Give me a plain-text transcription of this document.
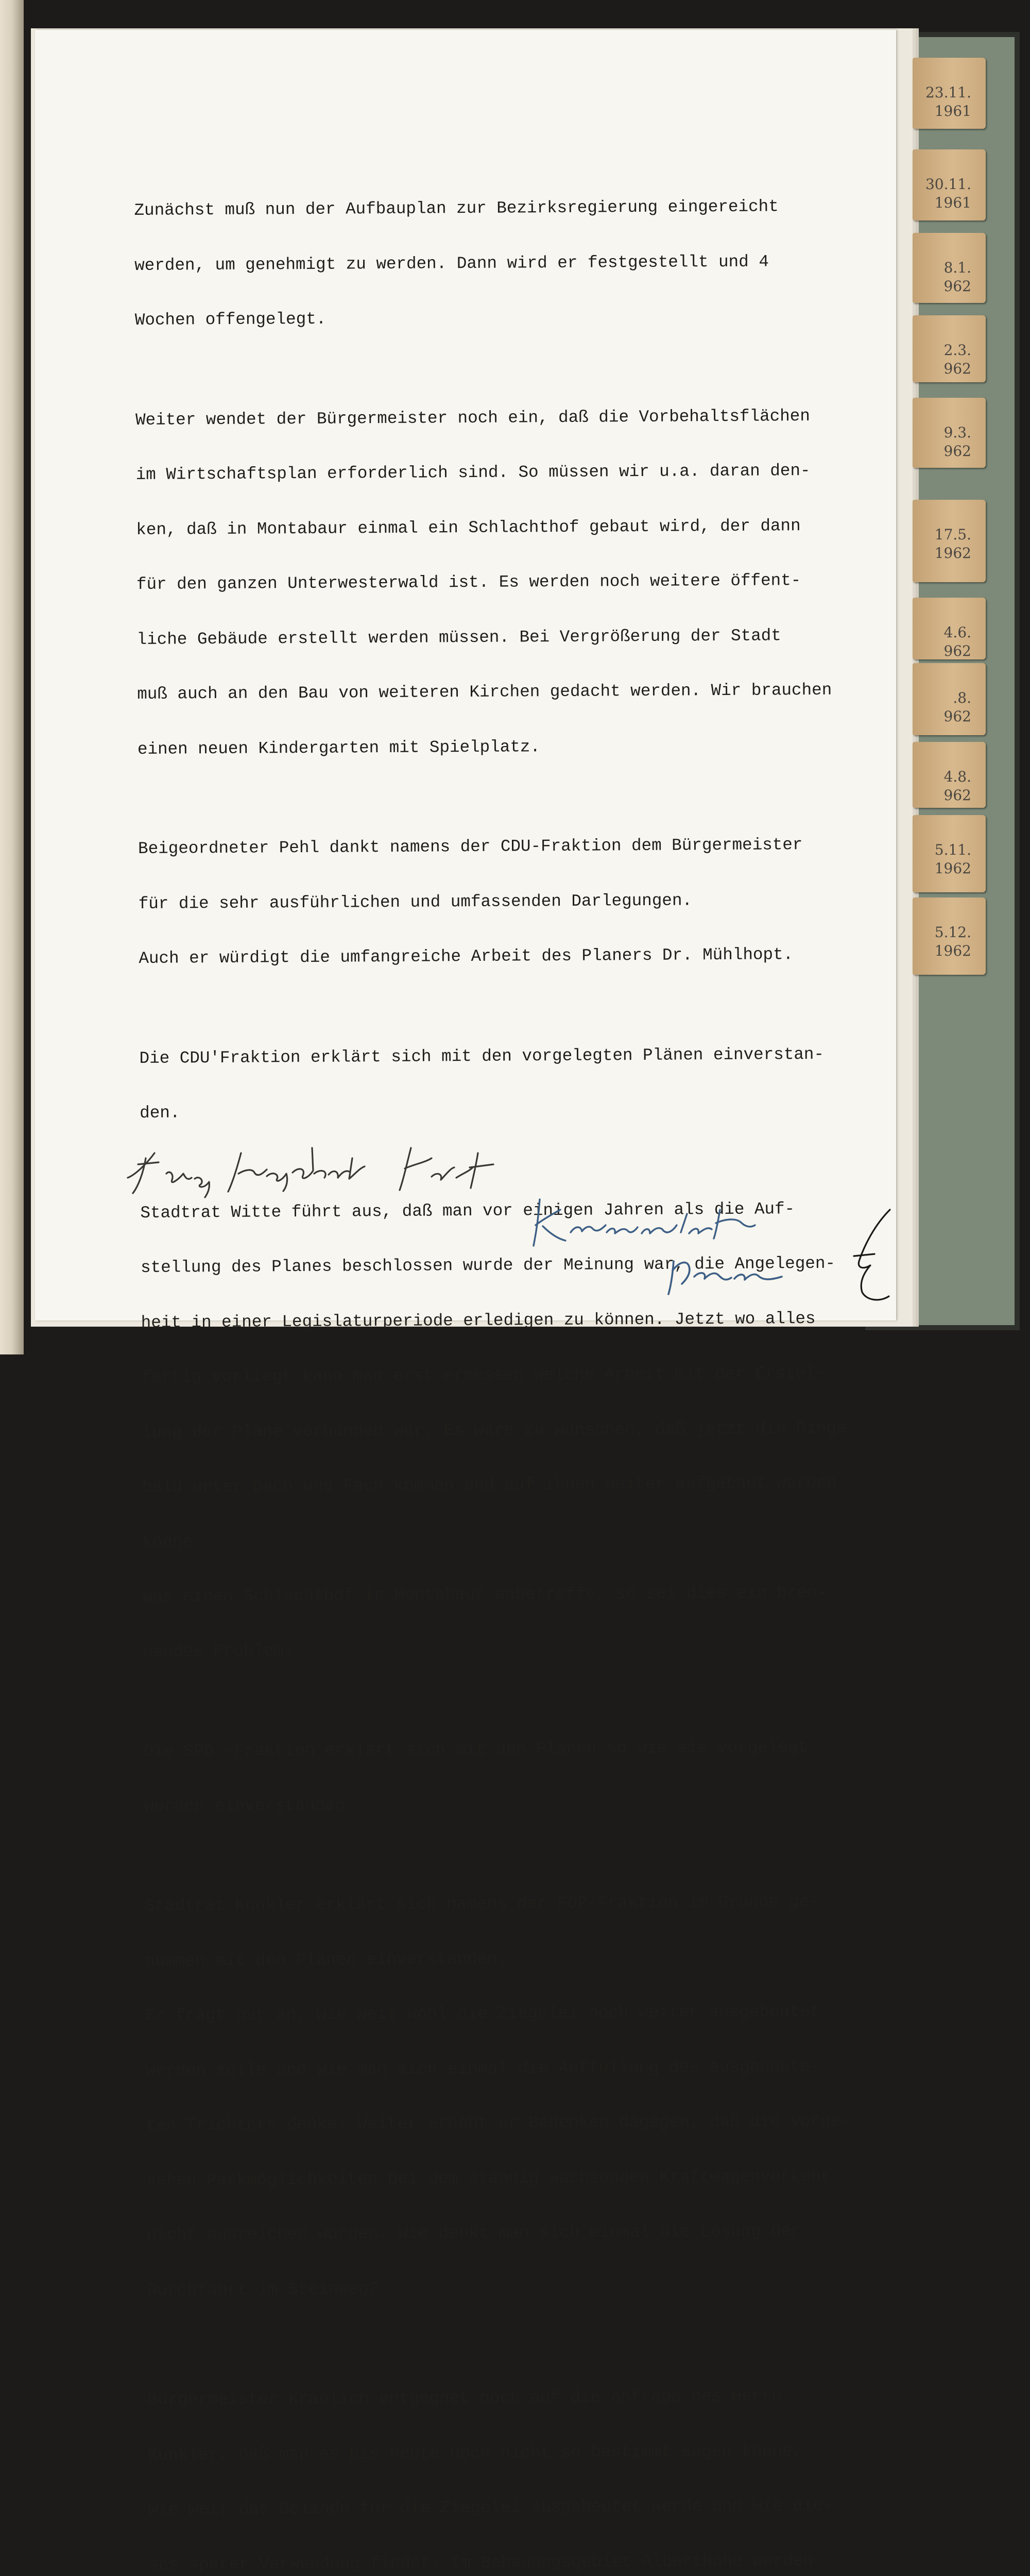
Zunächst muß nun der Aufbauplan zur Bezirksregierung eingereicht

werden, um genehmigt zu werden. Dann wird er festgestellt und 4

Wochen offengelegt.

Weiter wendet der Bürgermeister noch ein, daß die Vorbehaltsflächen

im Wirtschaftsplan erforderlich sind. So müssen wir u.a. daran den-

ken, daß in Montabaur einmal ein Schlachthof gebaut wird, der dann

für den ganzen Unterwesterwald ist. Es werden noch weitere öffent-

liche Gebäude erstellt werden müssen. Bei Vergrößerung der Stadt

muß auch an den Bau von weiteren Kirchen gedacht werden. Wir brauchen

einen neuen Kindergarten mit Spielplatz.

Beigeordneter Pehl dankt namens der CDU-Fraktion dem Bürgermeister

für die sehr ausführlichen und umfassenden Darlegungen.

Auch er würdigt die umfangreiche Arbeit des Planers Dr. Mühlhopt.

Die CDU'Fraktion erklärt sich mit den vorgelegten Plänen einverstan-

den.

Stadtrat Witte führt aus, daß man vor einigen Jahren als die Auf-

stellung des Planes beschlossen wurde der Meinung war, die Angelegen-

heit in einer Legislaturperiode erledigen zu können. Jetzt wo alles

fertig vorliegt kann man erst ermessen welche Arbeit mit der Erstel-

lung der Pläne verbunden war. Es wäre zu wünschen, daß jetzt die Dinge

bald unter Dach und Fach kommen und auf ihnen weiter aufgebaut werden

könne.

Was einen Schlachthof in Montabaur anbetreffe, so sei dies ein bren-

nendes Problem.

Die SPD.-Fraktion erklärt sich mit den Plänen so wie sie vorgelegt

wurden einverstanden.

Stadtrat Kunkler erklärt sich namens der FDP-Fraktion im Grunde ge-

nommen mit den Plänen einverstanden.

Er fragt nur an, wie weit wohl die Ziegelei noch weiter ausgebeutet

werden solle und wie man sich einmal die Auffüllung des ausgebeute-

ten Trichters denke. Weiter erhebt er Bedenken dagegen, daß die vorge-

sehen Parkmöglichkeiten bei dem ständig wachsenden Kraftwagenverkehr

nicht ausreichen würden. Wie denkt man sich einmal die Lösung der

Durchfahrt im Steinweg?

Bürgermeister Kraulich entgegnet noch auf die Anfrage des Herrn

Kunkler, daß man es bis heute noch nicht so bestimmt sagen könne,

wie weit das Gelände für die Ziegelei ausgebeutet werde und wie die-

ses später Verwendung findet. Im Bebauungsgebiet Alberthöhe werden

23.11.
1961
30.11.
1961
8.1.
962
2.3.
962
9.3.
962
17.5.
1962
4.6.
962
.8.
962
4.8.
962
5.11.
1962
5.12.
1962
